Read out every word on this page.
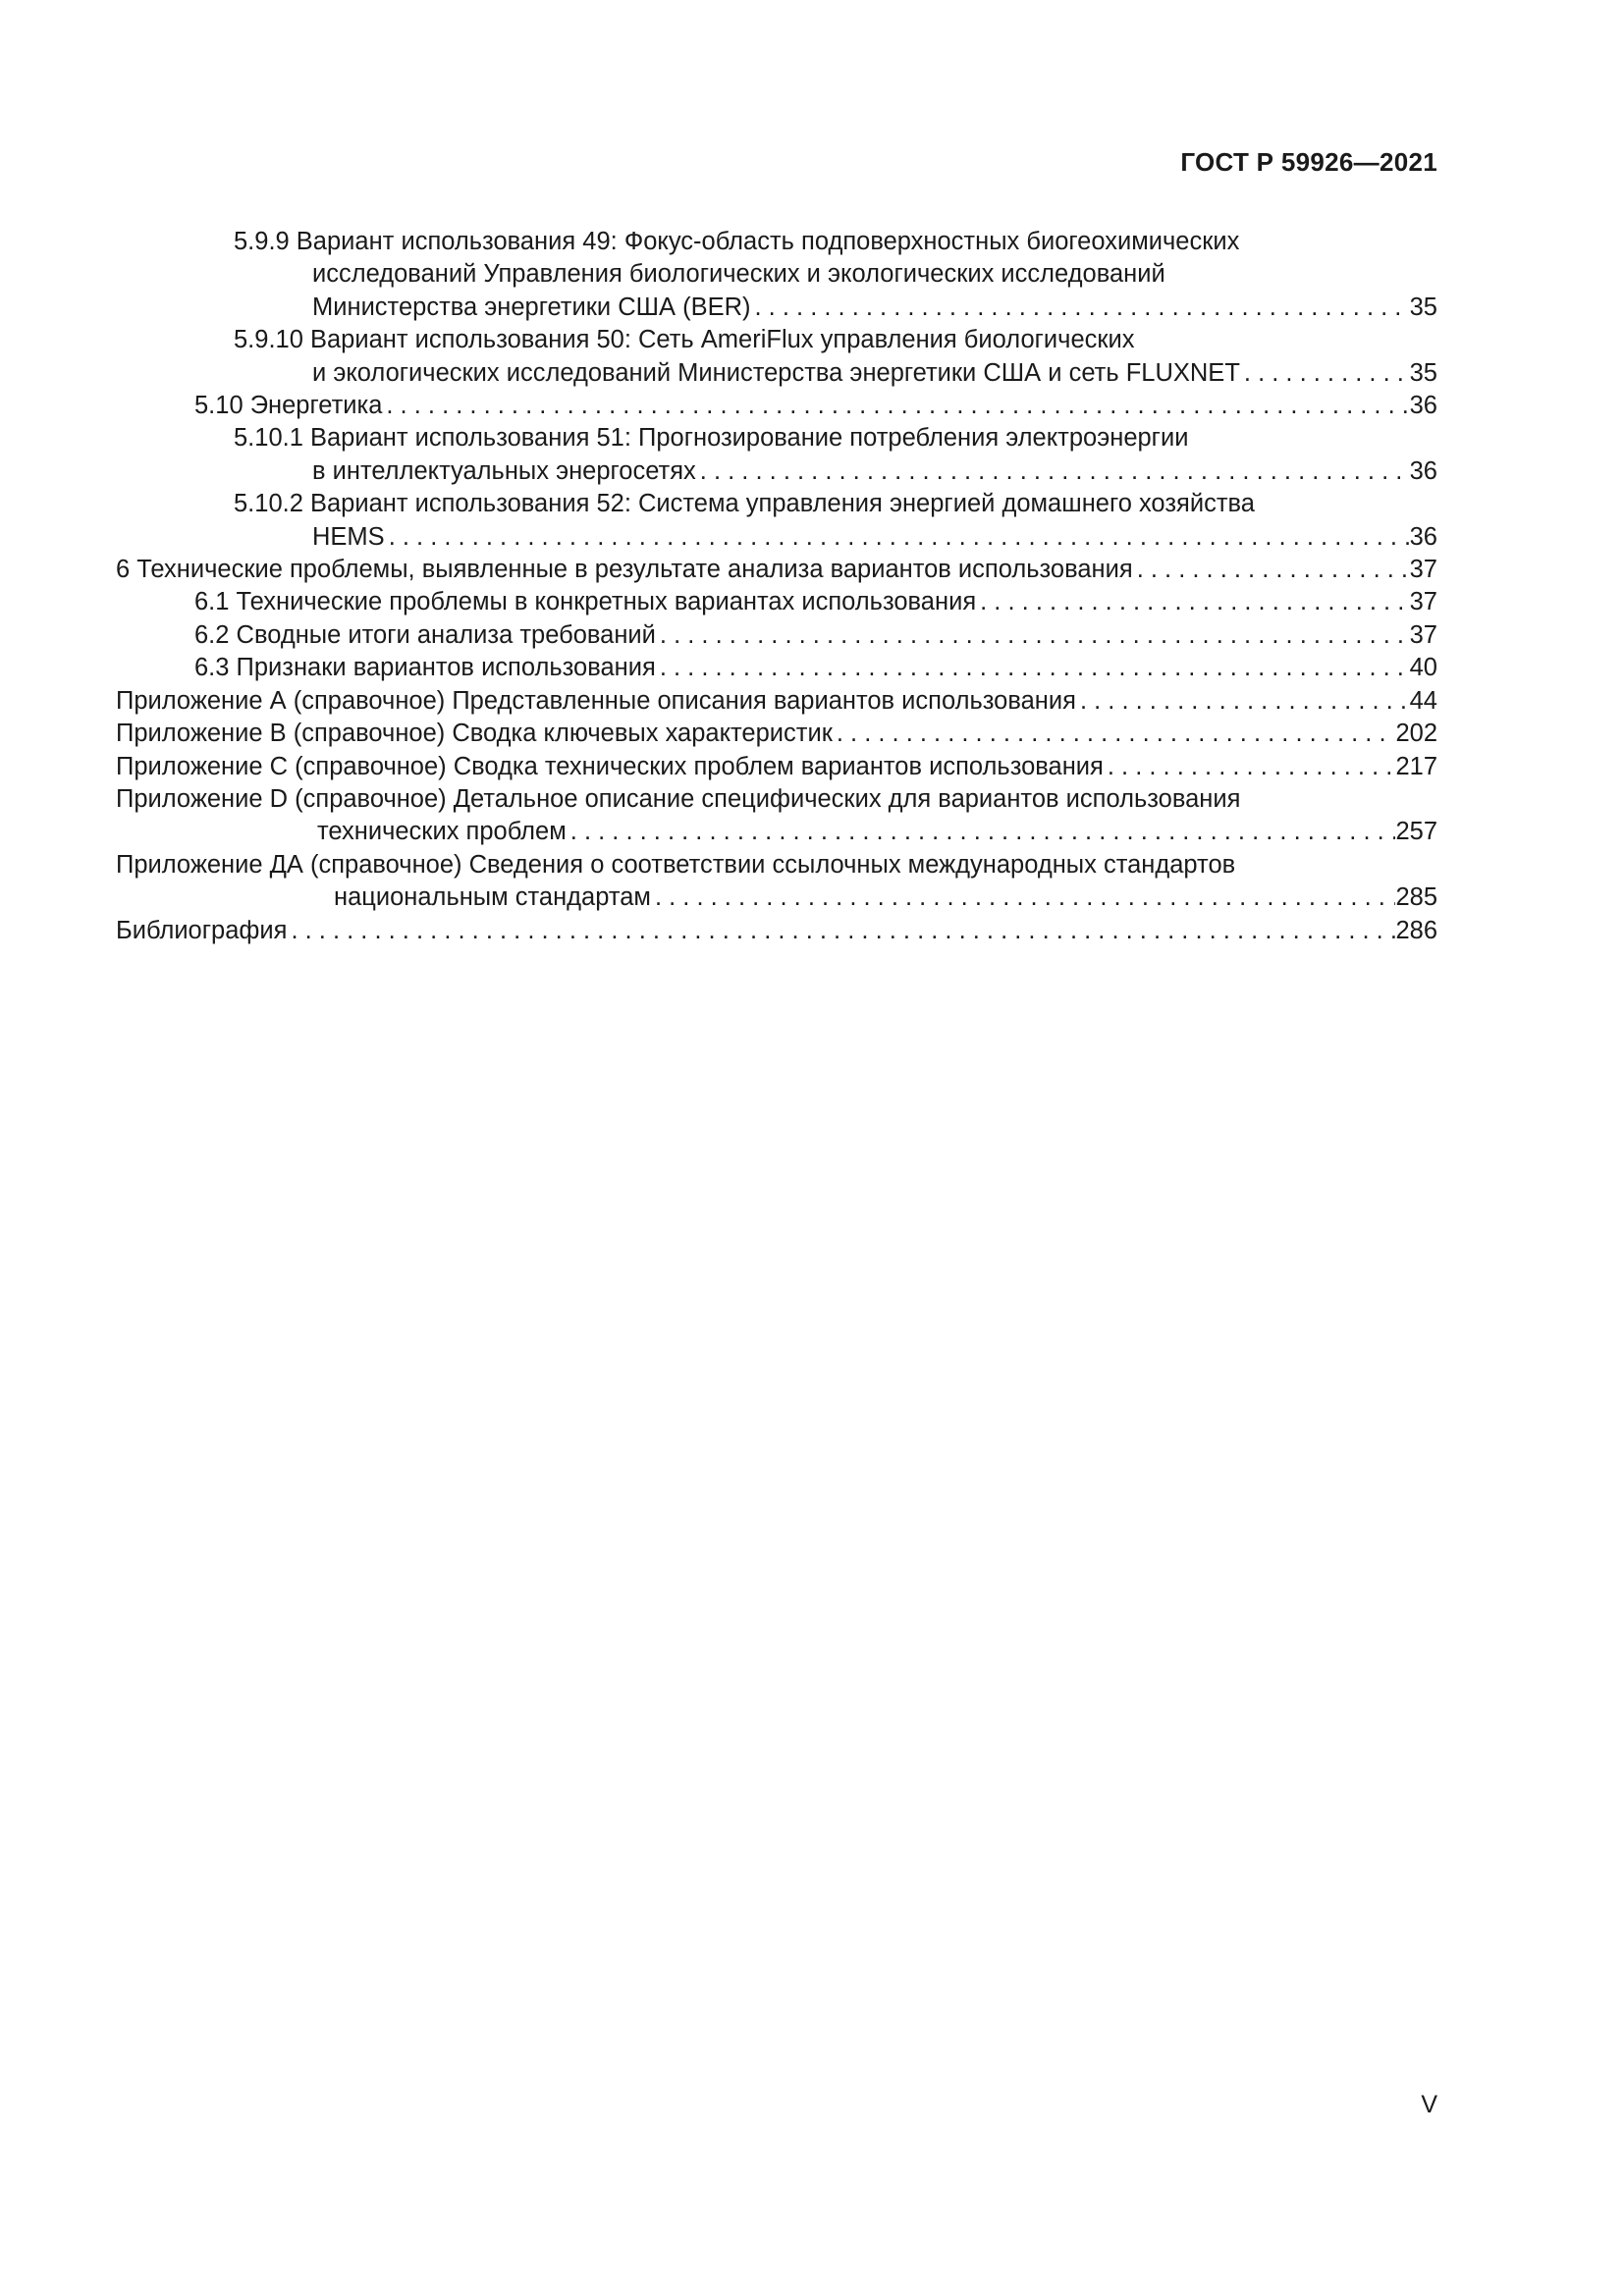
ГОСТ Р 59926—2021
5.9.9 Вариант использования 49: Фокус-область подповерхностных биогеохимических
исследований Управления биологических и экологических исследований
Министерства энергетики США (BER) . . .	35
5.9.10 Вариант использования 50: Сеть AmeriFlux управления биологических
и экологических исследований Министерства энергетики США и сеть FLUXNET . . .	35
5.10 Энергетика . . .	36
5.10.1 Вариант использования 51: Прогнозирование потребления электроэнергии
в интеллектуальных энергосетях . . .	36
5.10.2 Вариант использования 52: Система управления энергией домашнего хозяйства
HEMS . . .	36
6 Технические проблемы, выявленные в результате анализа вариантов использования . . .	37
6.1 Технические проблемы в конкретных вариантах использования . . .	37
6.2 Сводные итоги анализа требований . . .	37
6.3 Признаки вариантов использования . . .	40
Приложение А (справочное) Представленные описания вариантов использования . . .	44
Приложение В (справочное) Сводка ключевых характеристик . . .	202
Приложение С (справочное) Сводка технических проблем вариантов использования . . .	217
Приложение D (справочное) Детальное описание специфических для вариантов использования
технических проблем . . .	257
Приложение ДА (справочное) Сведения о соответствии ссылочных международных стандартов
национальным стандартам . . .	285
Библиография . . .	286
V
